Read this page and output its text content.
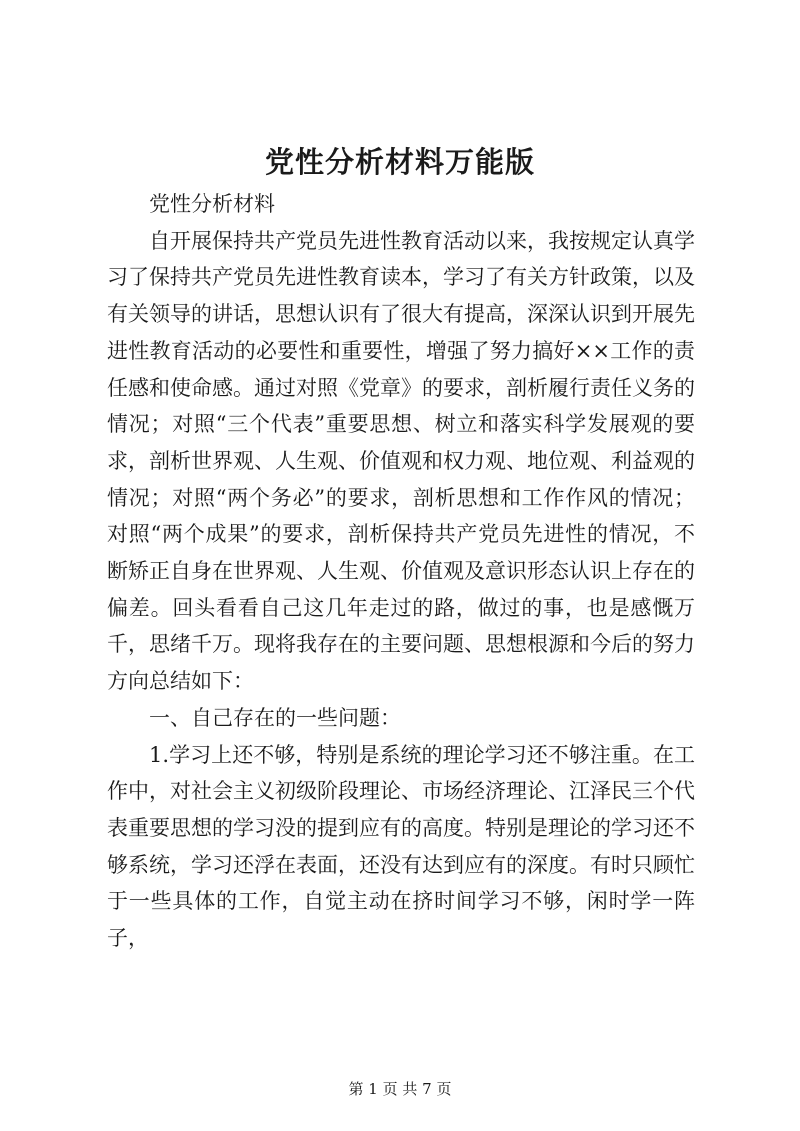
党性分析材料万能版

党性分析材料

自开展保持共产党员先进性教育活动以来，我按规定认真学习了保持共产党员先进性教育读本，学习了有关方针政策，以及有关领导的讲话，思想认识有了很大有提高，深深认识到开展先进性教育活动的必要性和重要性，增强了努力搞好××工作的责任感和使命感。通过对照《党章》的要求，剖析履行责任义务的情况；对照“三个代表”重要思想、树立和落实科学发展观的要求，剖析世界观、人生观、价值观和权力观、地位观、利益观的情况；对照“两个务必”的要求，剖析思想和工作作风的情况；对照“两个成果”的要求，剖析保持共产党员先进性的情况，不断矫正自身在世界观、人生观、价值观及意识形态认识上存在的偏差。回头看看自己这几年走过的路，做过的事，也是感慨万千，思绪千万。现将我存在的主要问题、思想根源和今后的努力方向总结如下：

一、自己存在的一些问题：

1.学习上还不够，特别是系统的理论学习还不够注重。在工作中，对社会主义初级阶段理论、市场经济理论、江泽民三个代表重要思想的学习没的提到应有的高度。特别是理论的学习还不够系统，学习还浮在表面，还没有达到应有的深度。有时只顾忙于一些具体的工作，自觉主动在挤时间学习不够，闲时学一阵子，

第 1 页 共 7 页
